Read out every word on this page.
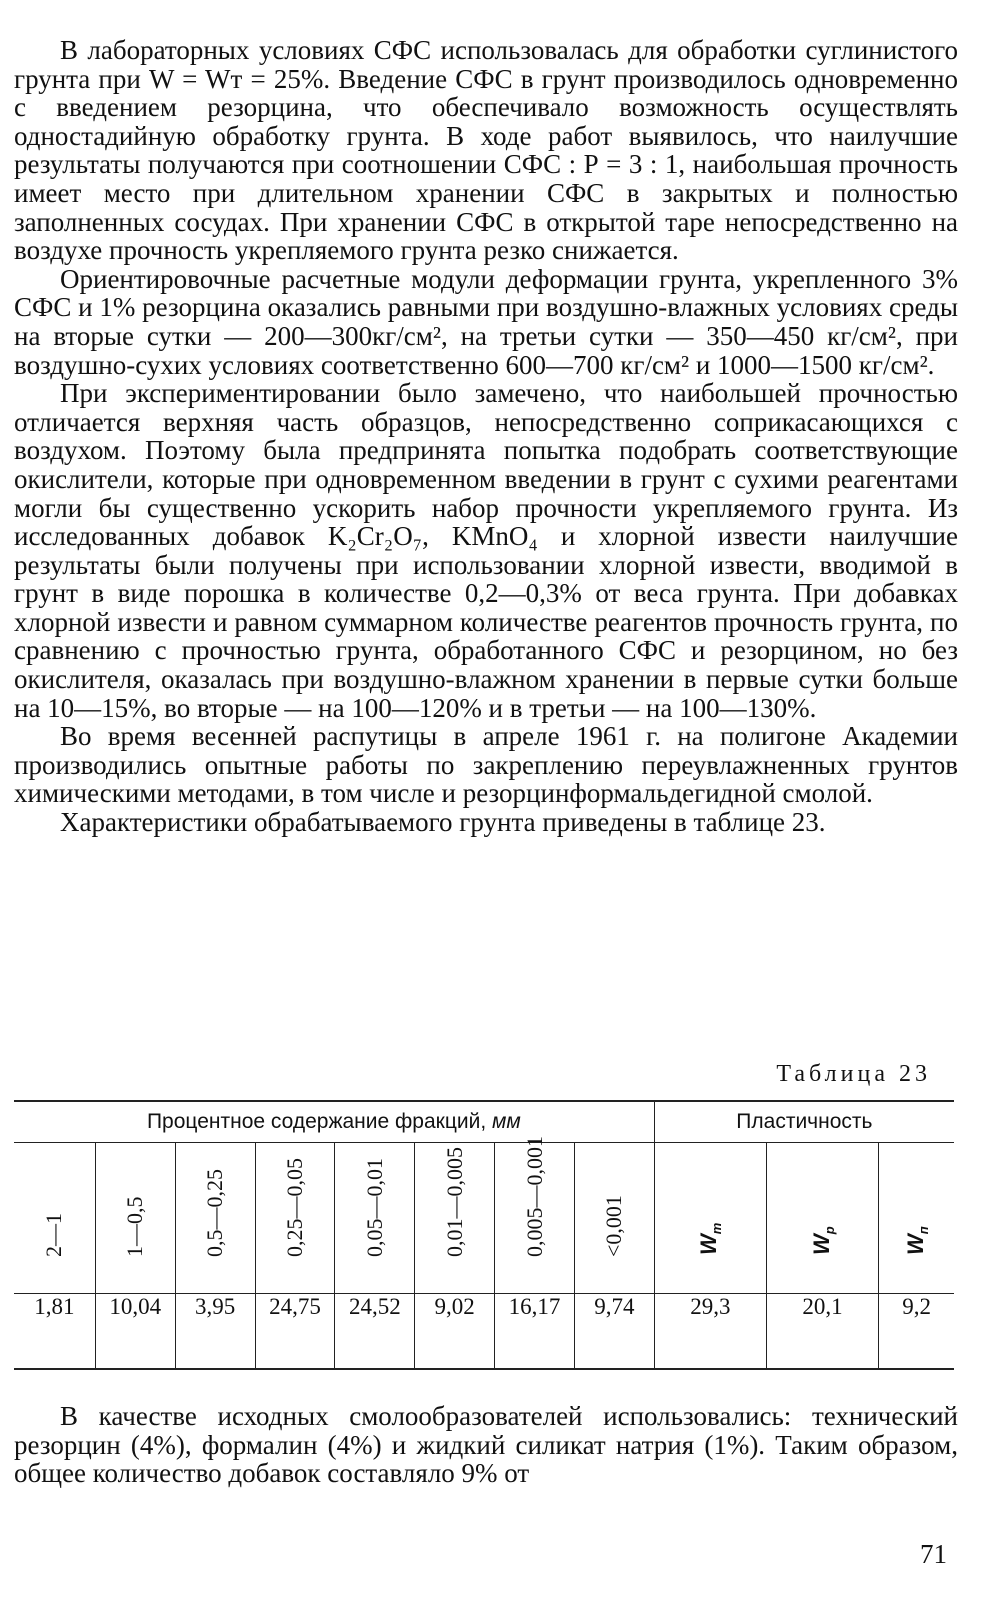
В лабораторных условиях СФС использовалась для обработки суглинистого грунта при W = Wт = 25%. Введение СФС в грунт производилось одновременно с введением резорцина, что обеспечивало возможность осуществлять одностадийную обработку грунта. В ходе работ выявилось, что наилучшие результаты получаются при соотношении СФС : Р = 3 : 1, наибольшая прочность имеет место при длительном хранении СФС в закрытых и полностью заполненных сосудах. При хранении СФС в открытой таре непосредственно на воздухе прочность укрепляемого грунта резко снижается.

Ориентировочные расчетные модули деформации грунта, укрепленного 3% СФС и 1% резорцина оказались равными при воздушно-влажных условиях среды на вторые сутки — 200—300кг/см², на третьи сутки — 350—450 кг/см², при воздушно-сухих условиях соответственно 600—700 кг/см² и 1000—1500 кг/см².

При экспериментировании было замечено, что наибольшей прочностью отличается верхняя часть образцов, непосредственно соприкасающихся с воздухом. Поэтому была предпринята попытка подобрать соответствующие окислители, которые при одновременном введении в грунт с сухими реагентами могли бы существенно ускорить набор прочности укрепляемого грунта. Из исследованных добавок K₂Cr₂O₇, KMnO₄ и хлорной извести наилучшие результаты были получены при использовании хлорной извести, вводимой в грунт в виде порошка в количестве 0,2—0,3% от веса грунта. При добавках хлорной извести и равном суммарном количестве реагентов прочность грунта, по сравнению с прочностью грунта, обработанного СФС и резорцином, но без окислителя, оказалась при воздушно-влажном хранении в первые сутки больше на 10—15%, во вторые — на 100—120% и в третьи — на 100—130%.

Во время весенней распутицы в апреле 1961 г. на полигоне Академии производились опытные работы по закреплению переувлажненных грунтов химическими методами, в том числе и резорцинформальдегидной смолой.

Характеристики обрабатываемого грунта приведены в таблице 23.

Таблица 23
Процентное содержание фракций, мм								Пластичность		

2—1	1—0,5	0,5—0,25	0,25—0,05	0,05—0,01	0,01—0,005	0,005—0,001	<0,001	$W_т$	$W_р$	$W_п$

1,81	10,04	3,95	24,75	24,52	9,02	16,17	9,74	29,3	20,1	9,2

В качестве исходных смолообразователей использовались: технический резорцин (4%), формалин (4%) и жидкий силикат натрия (1%). Таким образом, общее количество добавок составляло 9% от

71
